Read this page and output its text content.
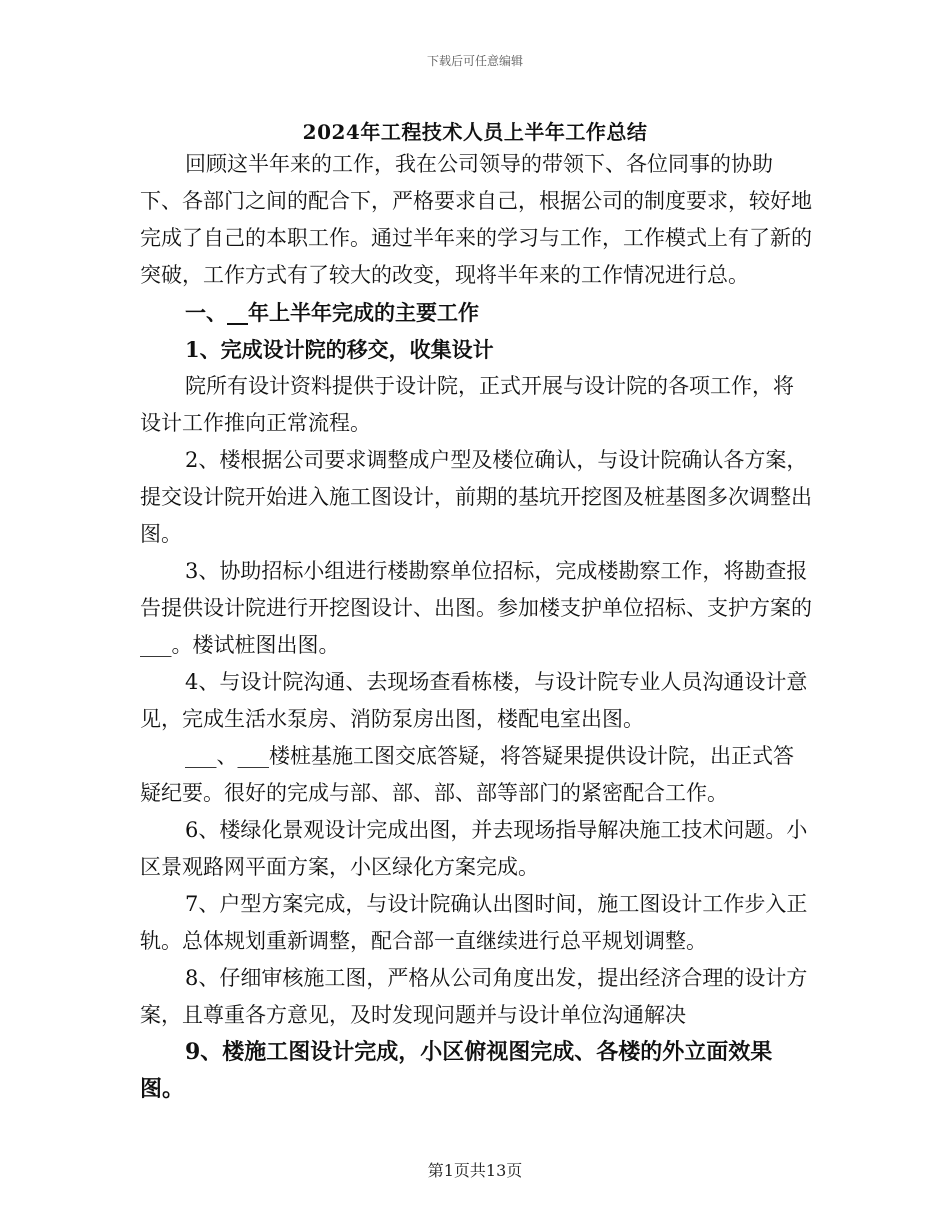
下载后可任意编辑
2024年工程技术人员上半年工作总结

回顾这半年来的工作，我在公司领导的带领下、各位同事的协助下、各部门之间的配合下，严格要求自己，根据公司的制度要求，较好地完成了自己的本职工作。通过半年来的学习与工作，工作模式上有了新的突破，工作方式有了较大的改变，现将半年来的工作情况进行总。

一、__年上半年完成的主要工作

1、完成设计院的移交，收集设计

院所有设计资料提供于设计院，正式开展与设计院的各项工作，将设计工作推向正常流程。

2、楼根据公司要求调整成户型及楼位确认，与设计院确认各方案，提交设计院开始进入施工图设计，前期的基坑开挖图及桩基图多次调整出图。

3、协助招标小组进行楼勘察单位招标，完成楼勘察工作，将勘查报告提供设计院进行开挖图设计、出图。参加楼支护单位招标、支护方案的___。楼试桩图出图。

4、与设计院沟通、去现场查看栋楼，与设计院专业人员沟通设计意见，完成生活水泵房、消防泵房出图，楼配电室出图。

___、___楼桩基施工图交底答疑，将答疑果提供设计院，出正式答疑纪要。很好的完成与部、部、部、部等部门的紧密配合工作。

6、楼绿化景观设计完成出图，并去现场指导解决施工技术问题。小区景观路网平面方案，小区绿化方案完成。

7、户型方案完成，与设计院确认出图时间，施工图设计工作步入正轨。总体规划重新调整，配合部一直继续进行总平规划调整。

8、仔细审核施工图，严格从公司角度出发，提出经济合理的设计方案，且尊重各方意见，及时发现问题并与设计单位沟通解决

9、楼施工图设计完成，小区俯视图完成、各楼的外立面效果图。

第1页共13页
